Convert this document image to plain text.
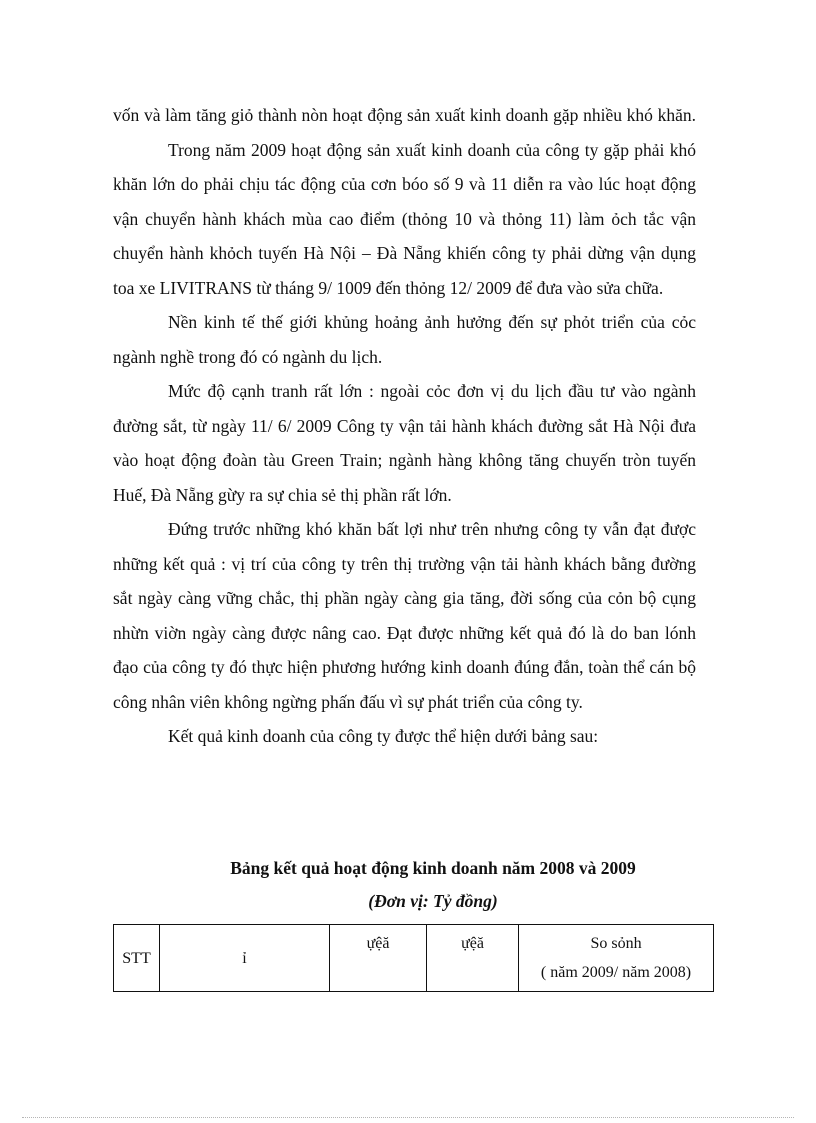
vốn và làm tăng giỏ thành nòn hoạt động sản xuất kinh doanh gặp nhiều khó khăn.

Trong năm 2009 hoạt động sản xuất kinh doanh của công ty gặp phải khó khăn lớn do phải chịu tác động của cơn bóo số 9 và 11 diễn ra vào lúc hoạt động vận chuyển hành khách mùa cao điểm (thỏng 10 và thỏng 11) làm ỏch tắc vận chuyển hành khỏch tuyến Hà Nội – Đà Nẵng khiến công ty phải dừng vận dụng toa xe LIVITRANS từ tháng 9/ 1009 đến thỏng 12/ 2009 để đưa vào sửa chữa.

Nền kinh tế thế giới khủng hoảng ảnh hưởng đến sự phỏt triển của cỏc ngành nghề trong đó có ngành du lịch.

Mức độ cạnh tranh rất lớn : ngoài cỏc đơn vị du lịch đầu tư vào ngành đường sắt, từ ngày 11/ 6/ 2009 Công ty vận tải hành khách đường sắt Hà Nội đưa vào hoạt động đoàn tàu Green Train; ngành hàng không tăng chuyến tròn tuyến Huế, Đà Nẵng gừy ra sự chia sẻ thị phần rất lớn.

Đứng trước những khó khăn bất lợi như trên nhưng công ty vẫn đạt được những kết quả : vị trí của công ty trên thị trường vận tải hành khách bằng đường sắt ngày càng vững chắc, thị phần ngày càng gia tăng, đời sống của cỏn bộ cụng nhừn viờn ngày càng được nâng cao. Đạt được những kết quả đó là do ban lónh đạo của công ty đó thực hiện phương hướng kinh doanh đúng đắn, toàn thể cán bộ công nhân viên không ngừng phấn đấu vì sự phát triển của công ty.

Kết quả kinh doanh của công ty được thể hiện dưới bảng sau:

Bảng kết quả hoạt động kinh doanh năm 2008 và 2009
(Đơn vị: Tỷ đồng)
STT	ỉ	ựệă	ựệă	So sỏnh
( năm 2009/ năm 2008)
